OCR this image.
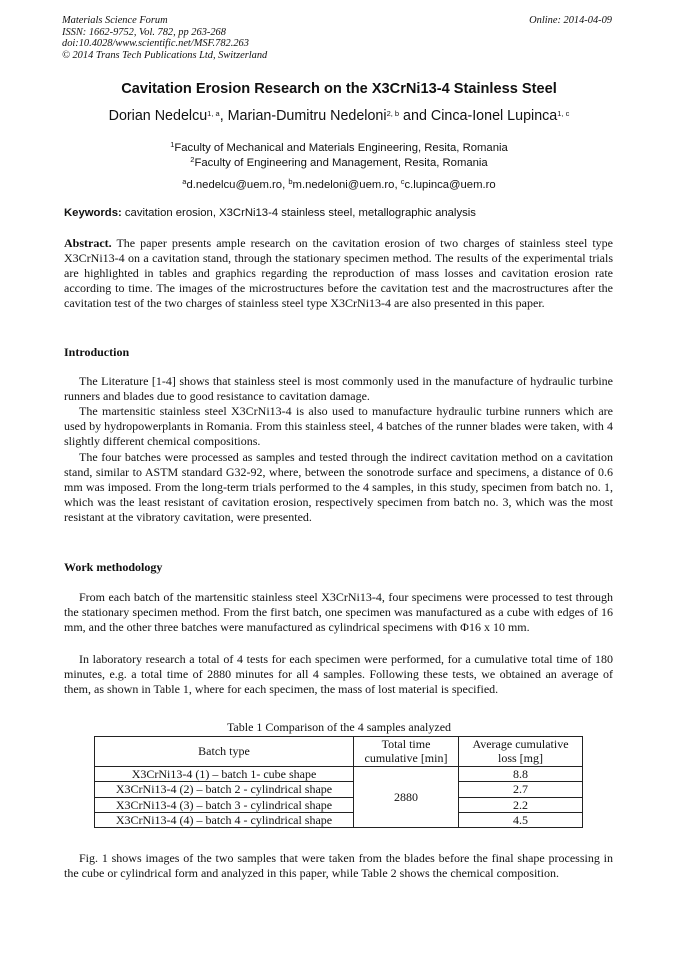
Materials Science Forum
ISSN: 1662-9752, Vol. 782, pp 263-268
doi:10.4028/www.scientific.net/MSF.782.263
© 2014 Trans Tech Publications Ltd, Switzerland
Online: 2014-04-09
Cavitation Erosion Research on the X3CrNi13-4 Stainless Steel
Dorian Nedelcu$^{1, a}$, Marian-Dumitru Nedeloni$^{2, b}$ and Cinca-Ionel Lupinca$^{1, c}$
$^1$Faculty of Mechanical and Materials Engineering, Resita, Romania
$^2$Faculty of Engineering and Management, Resita, Romania
$^a$d.nedelcu@uem.ro, $^b$m.nedeloni@uem.ro, $^c$c.lupinca@uem.ro
Keywords: cavitation erosion, X3CrNi13-4 stainless steel, metallographic analysis

Abstract. The paper presents ample research on the cavitation erosion of two charges of stainless steel type X3CrNi13-4 on a cavitation stand, through the stationary specimen method. The results of the experimental trials are highlighted in tables and graphics regarding the reproduction of mass losses and cavitation erosion rate according to time. The images of the microstructures before the cavitation test and the macrostructures after the cavitation test of the two charges of stainless steel type X3CrNi13-4 are also presented in this paper.

Introduction

The Literature [1-4] shows that stainless steel is most commonly used in the manufacture of hydraulic turbine runners and blades due to good resistance to cavitation damage.

The martensitic stainless steel X3CrNi13-4 is also used to manufacture hydraulic turbine runners which are used by hydropowerplants in Romania. From this stainless steel, 4 batches of the runner blades were taken, with 4 slightly different chemical compositions.

The four batches were processed as samples and tested through the indirect cavitation method on a cavitation stand, similar to ASTM standard G32-92, where, between the sonotrode surface and specimens, a distance of 0.6 mm was imposed. From the long-term trials performed to the 4 samples, in this study, specimen from batch no. 1, which was the least resistant of cavitation erosion, respectively specimen from batch no. 3, which was the most resistant at the vibratory cavitation, were presented.

Work methodology

From each batch of the martensitic stainless steel X3CrNi13-4, four specimens were processed to test through the stationary specimen method. From the first batch, one specimen was manufactured as a cube with edges of 16 mm, and the other three batches were manufactured as cylindrical specimens with Φ16 x 10 mm.

In laboratory research a total of 4 tests for each specimen were performed, for a cumulative total time of 180 minutes, e.g. a total time of 2880 minutes for all 4 samples. Following these tests, we obtained an average of them, as shown in Table 1, where for each specimen, the mass of lost material is specified.

Table 1 Comparison of the 4 samples analyzed
Batch type	Total time cumulative [min]	Average cumulative loss [mg]
X3CrNi13-4 (1) – batch 1- cube shape	2880	8.8
X3CrNi13-4 (2) – batch 2 - cylindrical shape		2.7
X3CrNi13-4 (3) – batch 3 - cylindrical shape		2.2
X3CrNi13-4 (4) – batch 4 - cylindrical shape		4.5

Fig. 1 shows images of the two samples that were taken from the blades before the final shape processing in the cube or cylindrical form and analyzed in this paper, while Table 2 shows the chemical composition.
